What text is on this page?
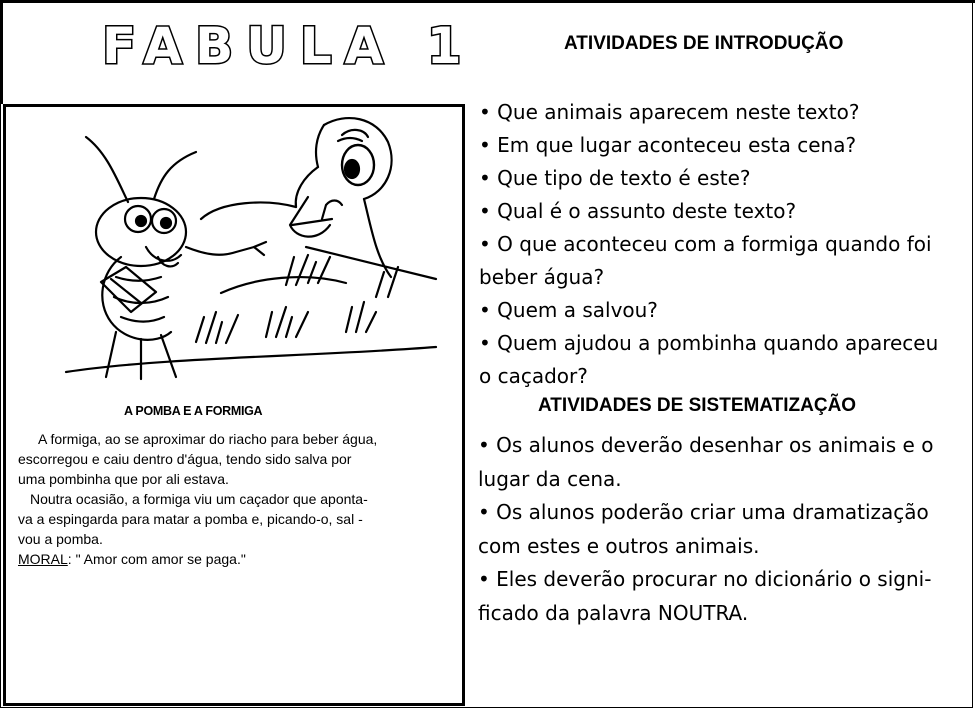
FABULA 1	ATIVIDADES DE INTRODUÇÃO
A POMBA E A FORMIGA

A formiga, ao se aproximar do riacho para beber água,

escorregou e caiu dentro d'água, tendo sido salva por

uma pombinha que por ali estava.

Noutra ocasião, a formiga viu um caçador que aponta-

va a espingarda para matar a pomba e, picando-o, sal -

vou a pomba.

MORAL: " Amor com amor se paga."

• Que animais aparecem neste texto?

• Em que lugar aconteceu esta cena?

• Que tipo de texto é este?

• Qual é o assunto deste texto?

• O que aconteceu com a formiga quando foi

beber água?

• Quem a salvou?

• Quem ajudou a pombinha quando apareceu

o caçador?

ATIVIDADES DE SISTEMATIZAÇÃO

• Os alunos deverão desenhar os animais e o

lugar da cena.

• Os alunos poderão criar uma dramatização

com estes e outros animais.

• Eles deverão procurar no dicionário o signi-

ficado da palavra NOUTRA.
